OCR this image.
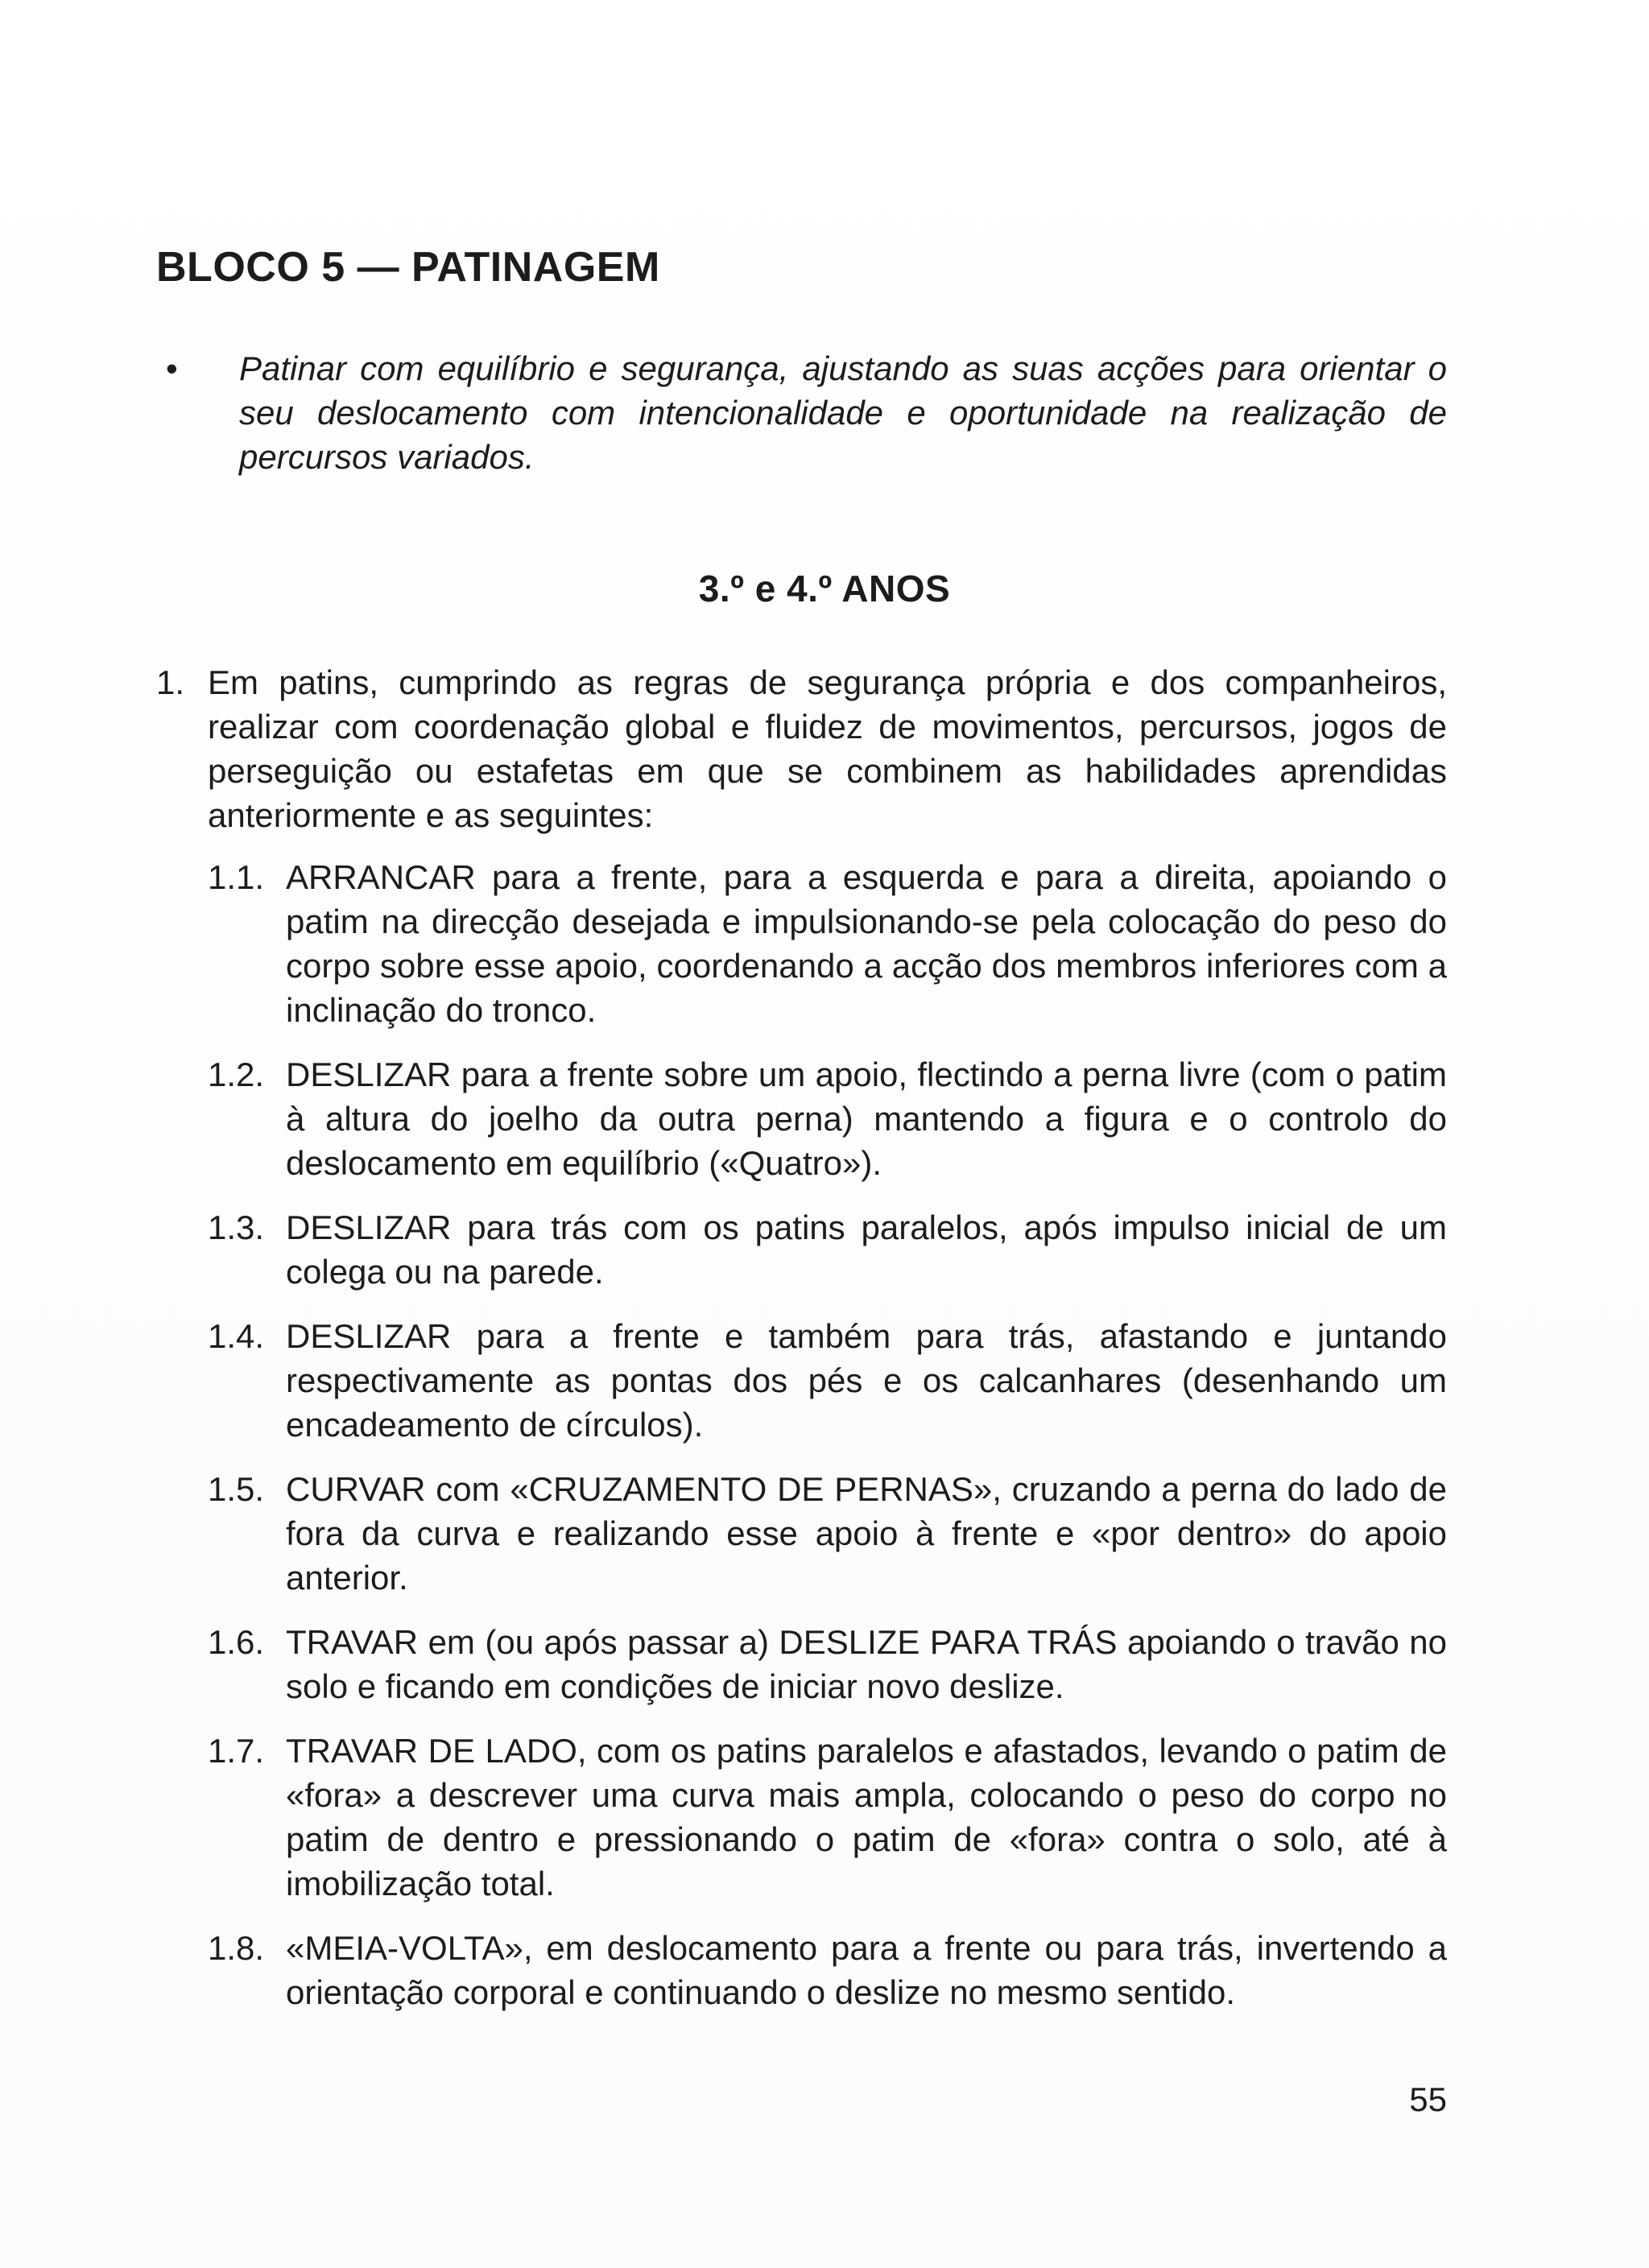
BLOCO 5 — PATINAGEM
•	Patinar com equilíbrio e segurança, ajustando as suas acções para orientar o seu deslocamento com intencionalidade e oportunidade na realização de percursos variados.
3.º e 4.º ANOS
1. Em patins, cumprindo as regras de segurança própria e dos companheiros, realizar com coordenação global e fluidez de movimentos, percursos, jogos de perseguição ou estafetas em que se combinem as habilidades aprendidas anteriormente e as seguintes:
1.1. ARRANCAR para a frente, para a esquerda e para a direita, apoiando o patim na direcção desejada e impulsionando-se pela colocação do peso do corpo sobre esse apoio, coordenando a acção dos membros inferiores com a inclinação do tronco.
1.2. DESLIZAR para a frente sobre um apoio, flectindo a perna livre (com o patim à altura do joelho da outra perna) mantendo a figura e o controlo do deslocamento em equilíbrio («Quatro»).
1.3. DESLIZAR para trás com os patins paralelos, após impulso inicial de um colega ou na parede.
1.4. DESLIZAR para a frente e também para trás, afastando e juntando respectivamente as pontas dos pés e os calcanhares (desenhando um encadeamento de círculos).
1.5. CURVAR com «CRUZAMENTO DE PERNAS», cruzando a perna do lado de fora da curva e realizando esse apoio à frente e «por dentro» do apoio anterior.
1.6. TRAVAR em (ou após passar a) DESLIZE PARA TRÁS apoiando o travão no solo e ficando em condições de iniciar novo deslize.
1.7. TRAVAR DE LADO, com os patins paralelos e afastados, levando o patim de «fora» a descrever uma curva mais ampla, colocando o peso do corpo no patim de dentro e pressionando o patim de «fora» contra o solo, até à imobilização total.
1.8. «MEIA-VOLTA», em deslocamento para a frente ou para trás, invertendo a orientação corporal e continuando o deslize no mesmo sentido.
55
